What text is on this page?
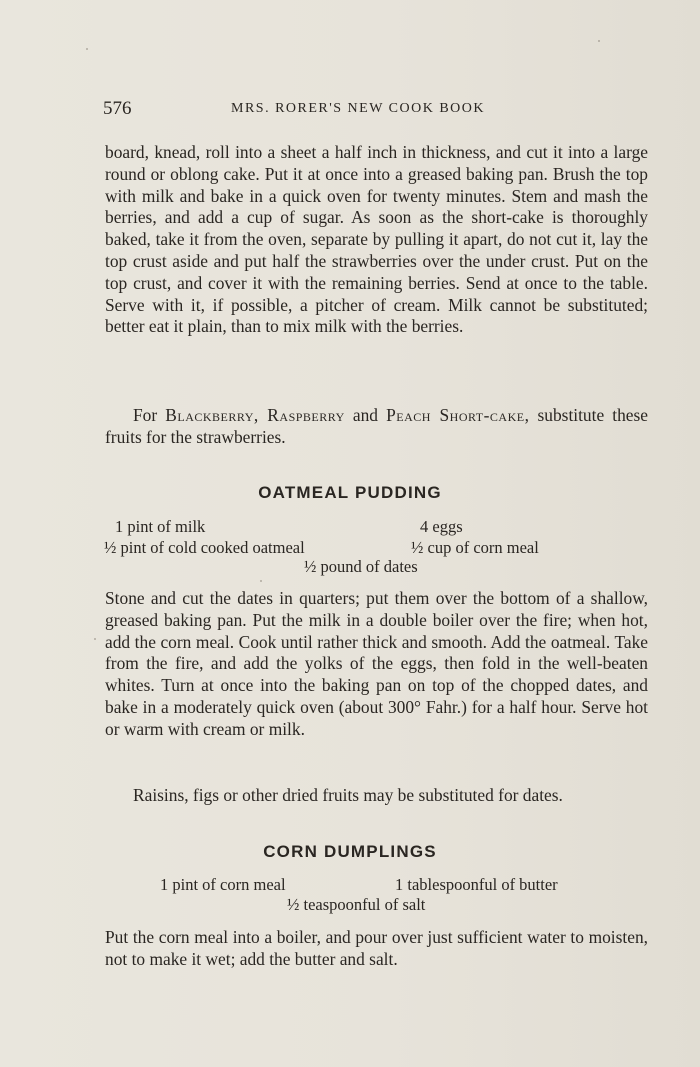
576	MRS. RORER'S NEW COOK BOOK

board, knead, roll into a sheet a half inch in thickness, and cut it into a large round or oblong cake. Put it at once into a greased baking pan. Brush the top with milk and bake in a quick oven for twenty minutes. Stem and mash the berries, and add a cup of sugar. As soon as the short-cake is thoroughly baked, take it from the oven, separate by pulling it apart, do not cut it, lay the top crust aside and put half the strawberries over the under crust. Put on the top crust, and cover it with the remaining berries. Send at once to the table. Serve with it, if possible, a pitcher of cream. Milk cannot be substituted; better eat it plain, than to mix milk with the berries.

For Blackberry, Raspberry and Peach Short-cake, substitute these fruits for the strawberries.

OATMEAL PUDDING
1 pint of milk	4 eggs
½ pint of cold cooked oatmeal	½ cup of corn meal
½ pound of dates

Stone and cut the dates in quarters; put them over the bottom of a shallow, greased baking pan. Put the milk in a double boiler over the fire; when hot, add the corn meal. Cook until rather thick and smooth. Add the oatmeal. Take from the fire, and add the yolks of the eggs, then fold in the well-beaten whites. Turn at once into the baking pan on top of the chopped dates, and bake in a moderately quick oven (about 300° Fahr.) for a half hour. Serve hot or warm with cream or milk.

Raisins, figs or other dried fruits may be substituted for dates.

CORN DUMPLINGS
1 pint of corn meal	1 tablespoonful of butter
½ teaspoonful of salt

Put the corn meal into a boiler, and pour over just sufficient water to moisten, not to make it wet; add the butter and salt.
